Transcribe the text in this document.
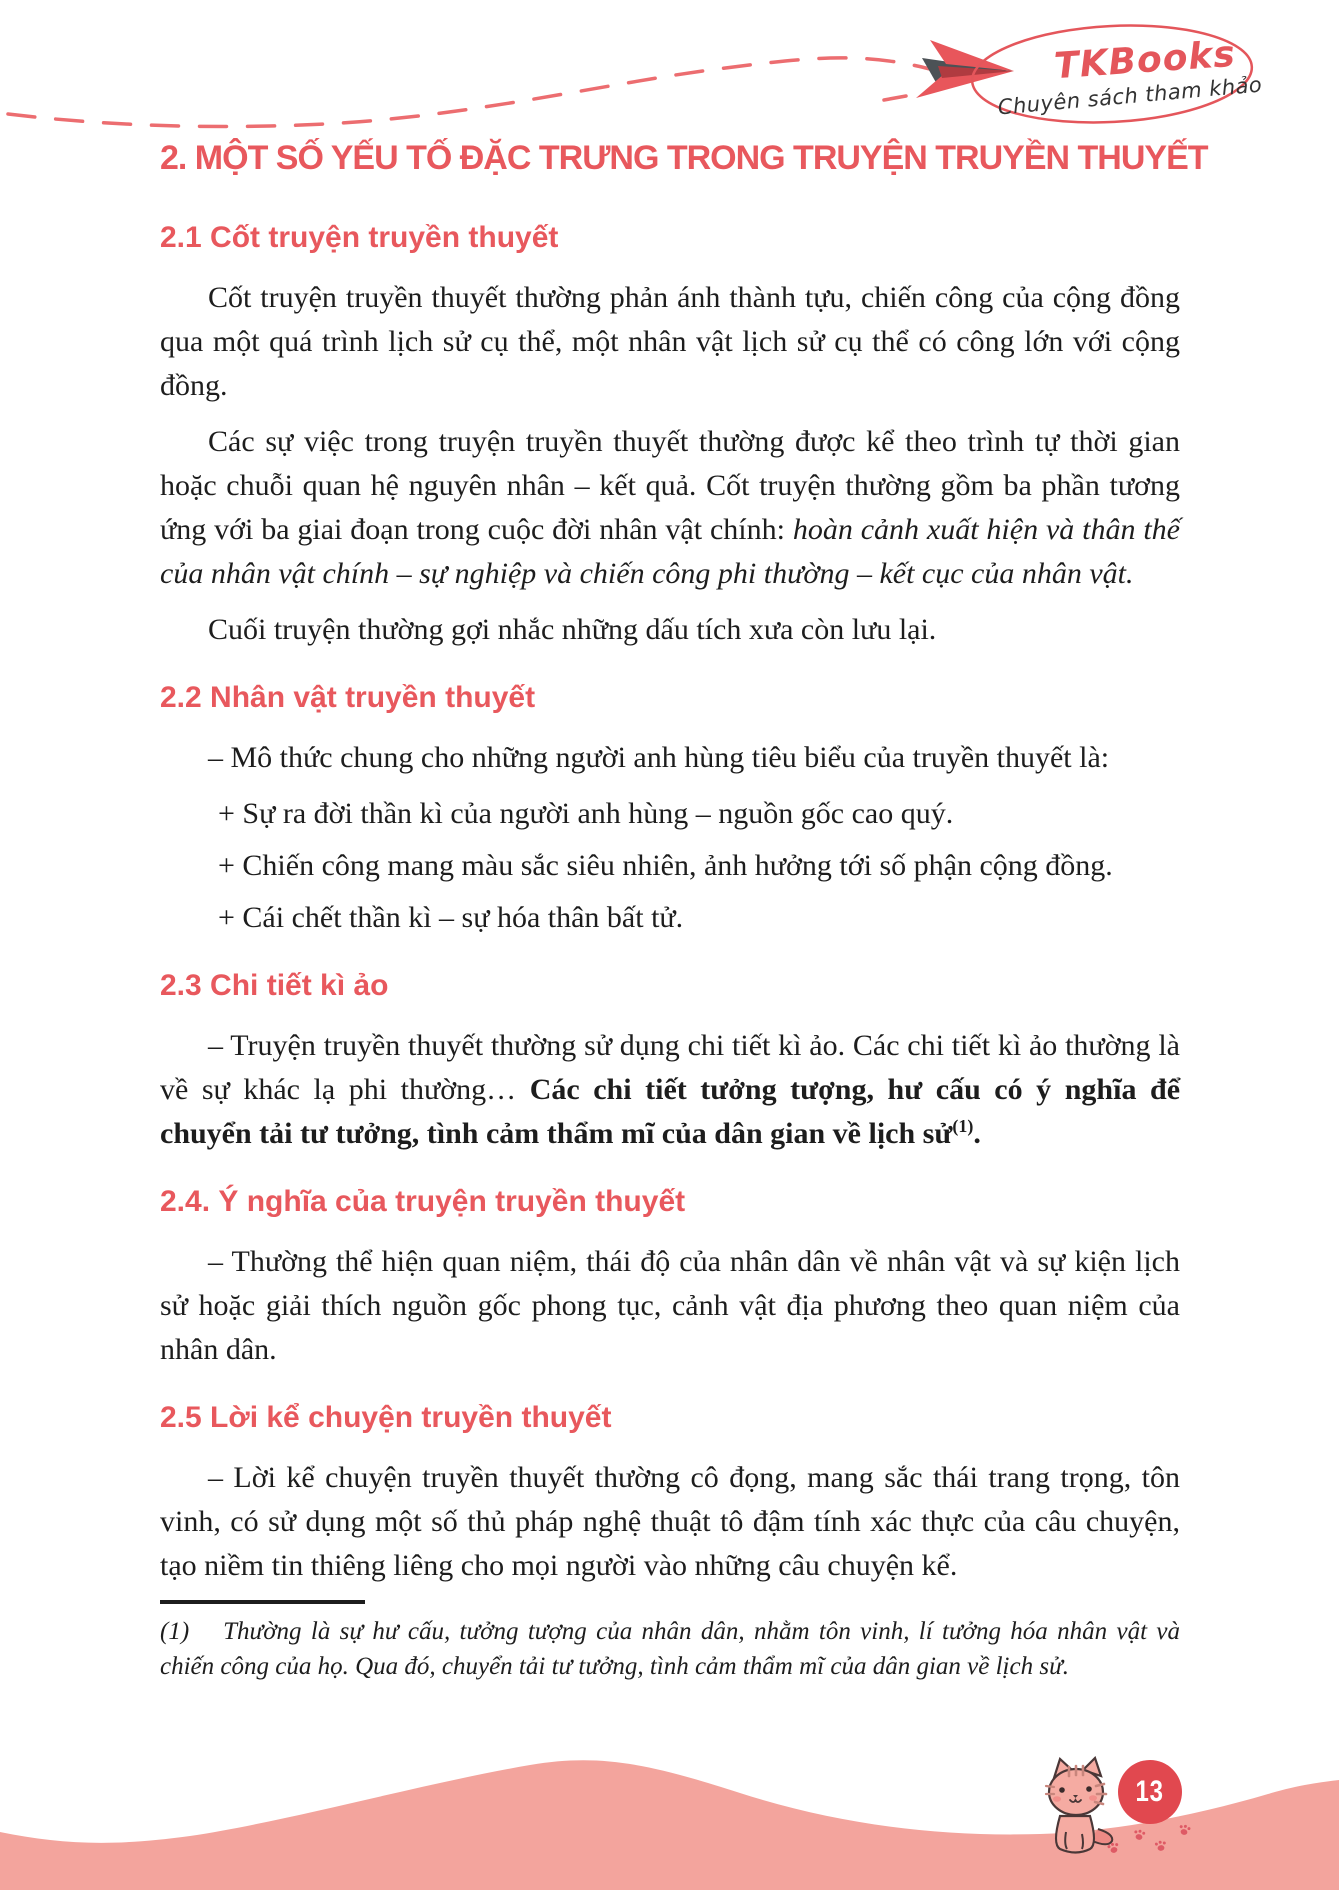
TKBooks
Chuyên sách tham khảo
2. MỘT SỐ YẾU TỐ ĐẶC TRƯNG TRONG TRUYỆN TRUYỀN THUYẾT
2.1 Cốt truyện truyền thuyết

Cốt truyện truyền thuyết thường phản ánh thành tựu, chiến công của cộng đồng qua một quá trình lịch sử cụ thể, một nhân vật lịch sử cụ thể có công lớn với cộng đồng.

Các sự việc trong truyện truyền thuyết thường được kể theo trình tự thời gian hoặc chuỗi quan hệ nguyên nhân – kết quả. Cốt truyện thường gồm ba phần tương ứng với ba giai đoạn trong cuộc đời nhân vật chính: hoàn cảnh xuất hiện và thân thế của nhân vật chính – sự nghiệp và chiến công phi thường – kết cục của nhân vật.

Cuối truyện thường gợi nhắc những dấu tích xưa còn lưu lại.

2.2 Nhân vật truyền thuyết

– Mô thức chung cho những người anh hùng tiêu biểu của truyền thuyết là:

+ Sự ra đời thần kì của người anh hùng – nguồn gốc cao quý.

+ Chiến công mang màu sắc siêu nhiên, ảnh hưởng tới số phận cộng đồng.

+ Cái chết thần kì – sự hóa thân bất tử.

2.3 Chi tiết kì ảo

– Truyện truyền thuyết thường sử dụng chi tiết kì ảo. Các chi tiết kì ảo thường là về sự khác lạ phi thường… Các chi tiết tưởng tượng, hư cấu có ý nghĩa để chuyển tải tư tưởng, tình cảm thẩm mĩ của dân gian về lịch sử$^{(1)}$.

2.4. Ý nghĩa của truyện truyền thuyết

– Thường thể hiện quan niệm, thái độ của nhân dân về nhân vật và sự kiện lịch sử hoặc giải thích nguồn gốc phong tục, cảnh vật địa phương theo quan niệm của nhân dân.

2.5 Lời kể chuyện truyền thuyết

– Lời kể chuyện truyền thuyết thường cô đọng, mang sắc thái trang trọng, tôn vinh, có sử dụng một số thủ pháp nghệ thuật tô đậm tính xác thực của câu chuyện, tạo niềm tin thiêng liêng cho mọi người vào những câu chuyện kể.

(1) Thường là sự hư cấu, tưởng tượng của nhân dân, nhằm tôn vinh, lí tưởng hóa nhân vật và chiến công của họ. Qua đó, chuyển tải tư tưởng, tình cảm thẩm mĩ của dân gian về lịch sử.

13
